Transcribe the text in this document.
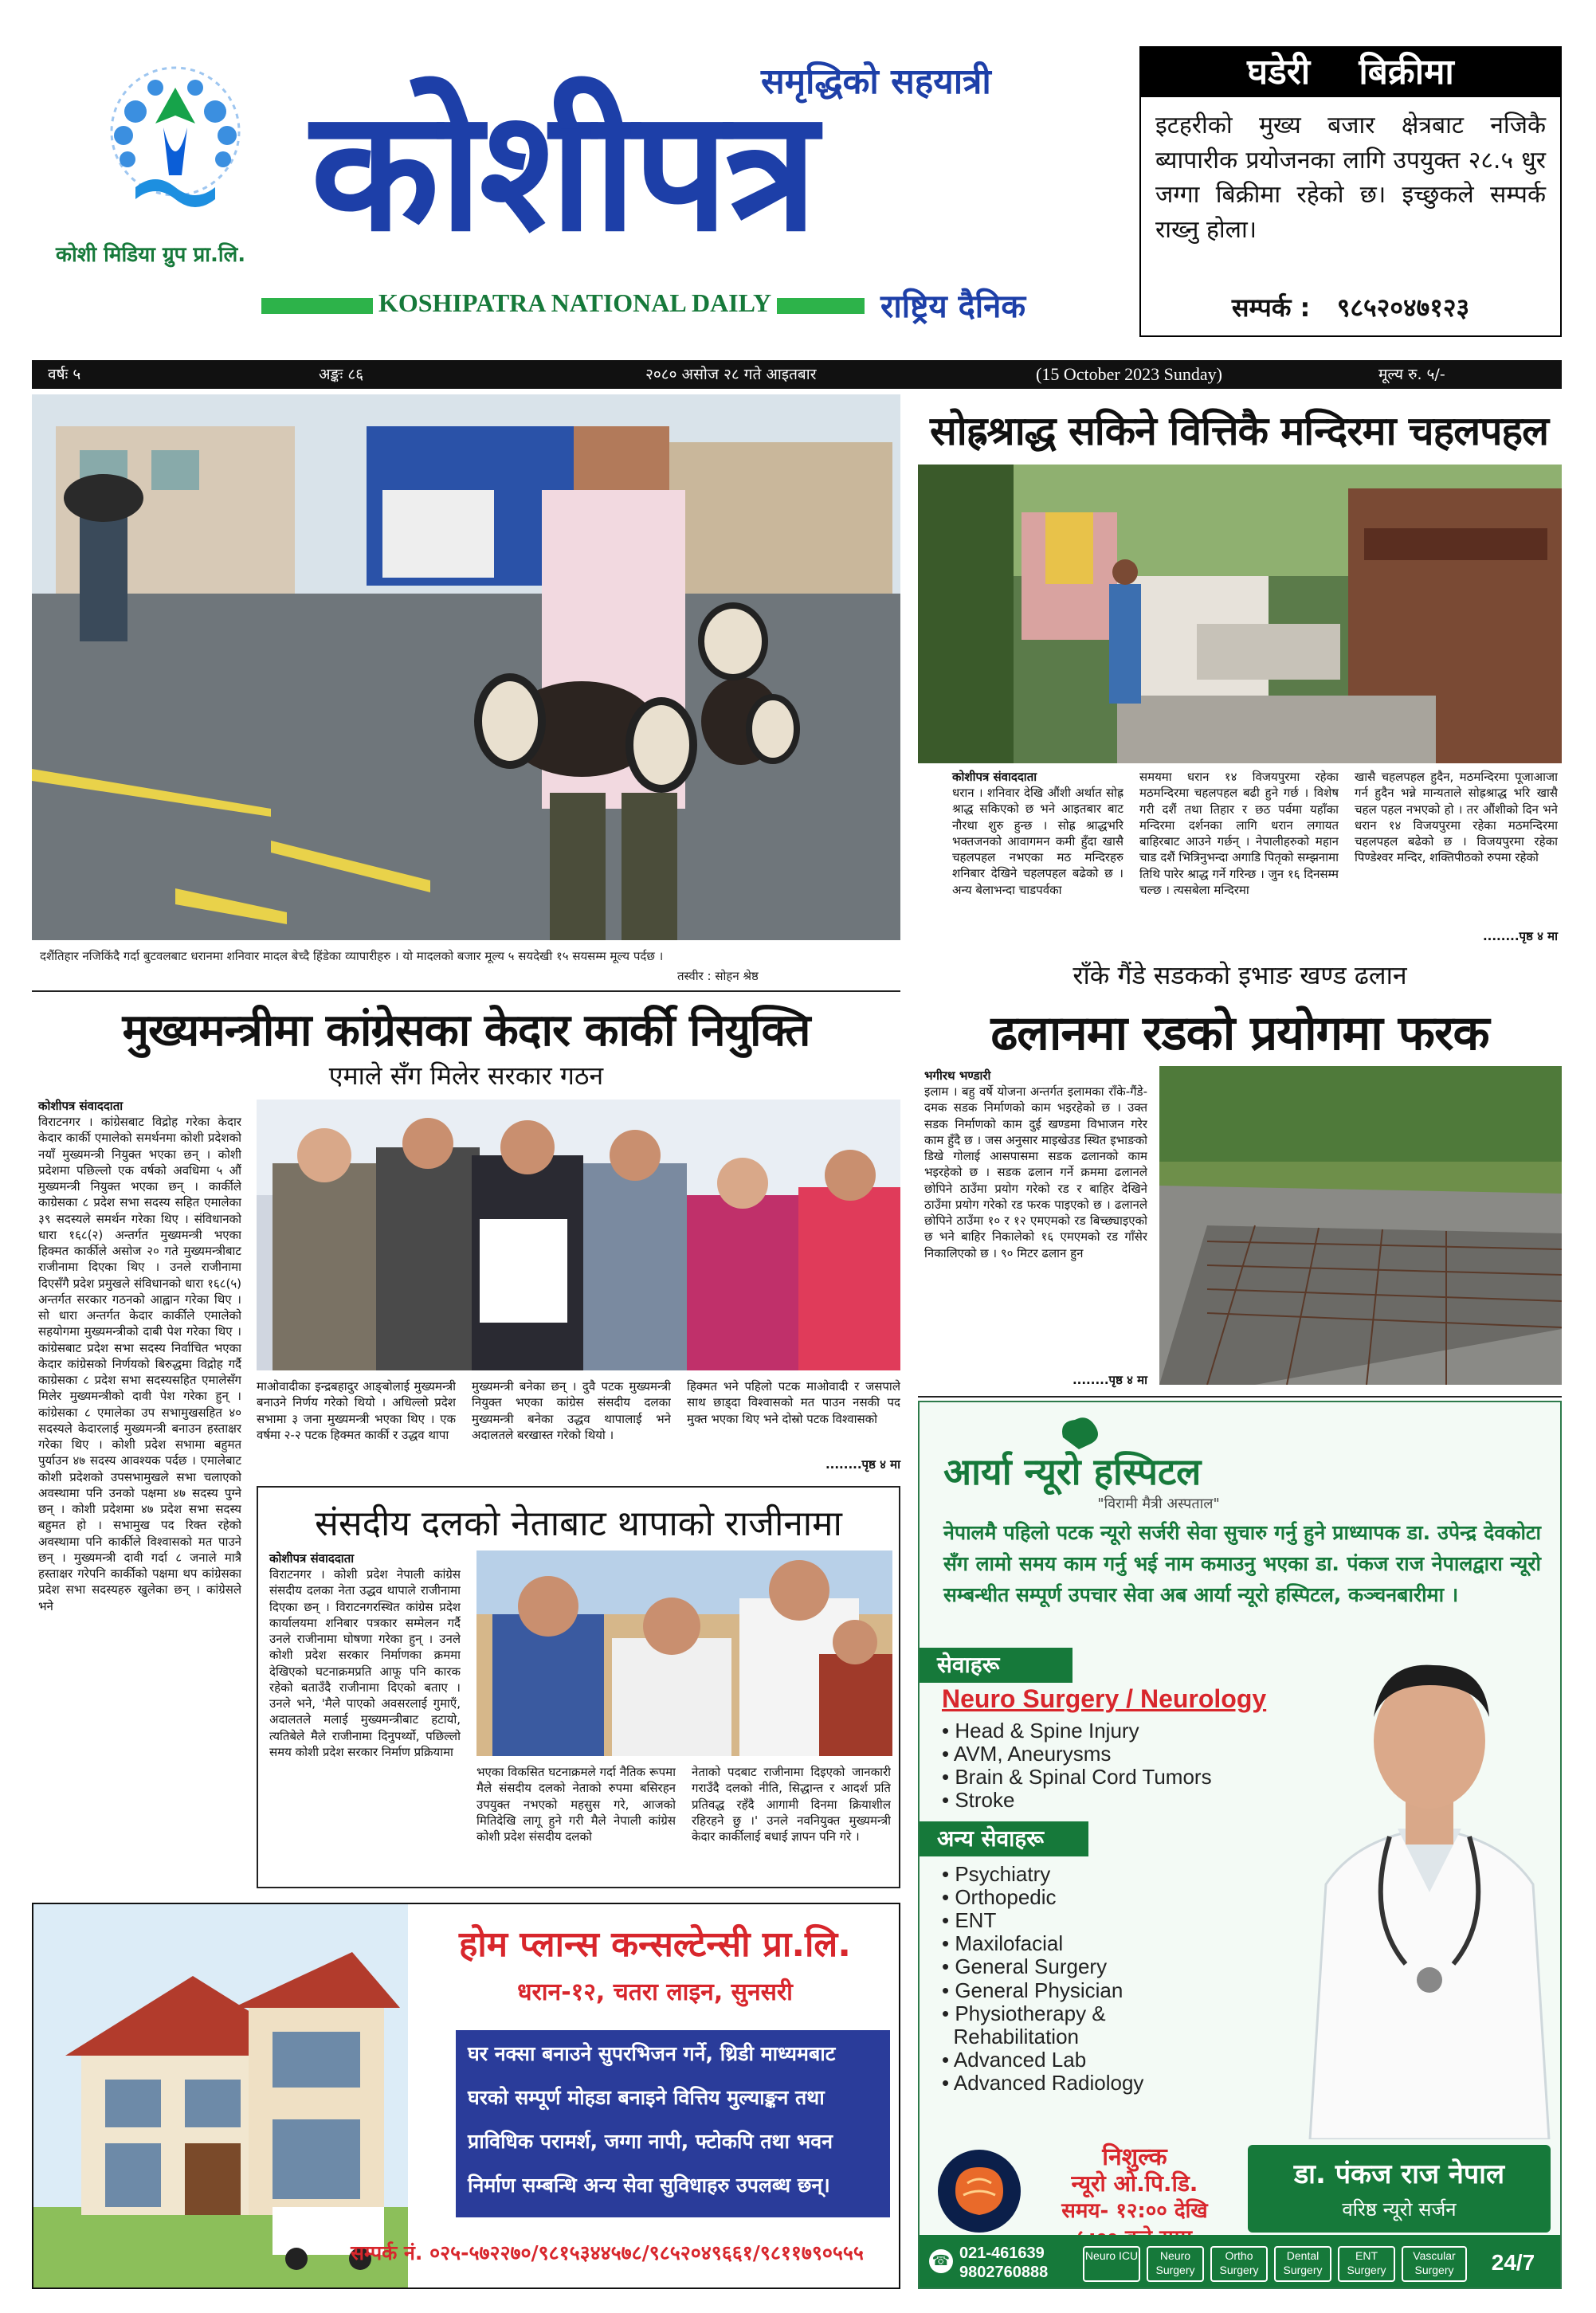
कोशी मिडिया ग्रुप प्रा.लि.
समृद्धिको सहयात्री
कोशीपत्र
KOSHIPATRA NATIONAL DAILY	राष्ट्रिय दैनिक
घडेरी    बिक्रीमा
इटहरीको मुख्य बजार क्षेत्रबाट नजिकै ब्यापारीक प्रयोजनका लागि उपयुक्त २८.५ धुर जग्गा बिक्रीमा रहेको छ। इच्छुकले सम्पर्क राख्नु होला।
सम्पर्क :   ९८५२०४७१२३
वर्षः ५	अङ्कः ८६	२०८० असोज २८ गते आइतबार	(15 October 2023 Sunday)	मूल्य रु. ५/-
दशैंतिहार नजिकिंदै गर्दा बुटवलबाट धरानमा शनिवार मादल बेच्दै हिंडेका व्यापारीहरु । यो मादलको बजार मूल्य ५ सयदेखी १५ सयसम्म मूल्य पर्दछ ।
तस्वीर : सोहन श्रेष्ठ
सोह्रश्राद्ध सकिने वित्तिकै मन्दिरमा चहलपहल
कोशीपत्र संवाददाता
धरान । शनिवार देखि औंशी अर्थात सोह्र श्राद्ध सकिएको छ भने आइतबार बाट नौरथा शुरु हुन्छ । सोह्र श्राद्धभरि भक्तजनको आवागमन कमी हुँदा खासै चहलपहल नभएका मठ मन्दिरहरु शनिबार देखिने चहलपहल बढेको छ । अन्य बेलाभन्दा चाडपर्वका
समयमा धरान १४ विजयपुरमा रहेका मठमन्दिरमा चहलपहल बढी हुने गर्छ । विशेष गरी दशैं तथा तिहार र छठ पर्वमा यहाँका मन्दिरमा दर्शनका लागि धरान लगायत बाहिरबाट आउने गर्छन् । नेपालीहरुको महान चाड दशैं भित्रिनुभन्दा अगाडि पितृको सम्झनामा तिथि पारेर श्राद्ध गर्ने गरिन्छ । जुन १६ दिनसम्म चल्छ । त्यसबेला मन्दिरमा
खासै चहलपहल हुदैन, मठमन्दिरमा पूजाआजा गर्न हुदैन भन्ने मान्यताले सोह्रश्राद्ध भरि खासै चहल पहल नभएको हो । तर औंशीको दिन भने धरान १४ विजयपुरमा रहेका मठमन्दिरमा चहलपहल बढेको छ । विजयपुरमा रहेका पिण्डेश्वर मन्दिर, शक्तिपीठको रुपमा रहेको
........पृष्ठ ४ मा
मुख्यमन्त्रीमा कांग्रेसका केदार कार्की नियुक्ति
एमाले सँग मिलेर सरकार गठन
कोशीपत्र संवाददाता
विराटनगर । कांग्रेसबाट विद्रोह गरेका केदार केदार कार्की एमालेको समर्थनमा कोशी प्रदेशको नयाँ मुख्यमन्त्री नियुक्त भएका छन् । कोशी प्रदेशमा पछिल्लो एक वर्षको अवधिमा ५ औं मुख्यमन्त्री नियुक्त भएका छन् । कार्कीले काग्रेसका ८ प्रदेश सभा सदस्य सहित एमालेका ३९ सदस्यले समर्थन गरेका थिए । संविधानको धारा १६८(२) अन्तर्गत मुख्यमन्त्री भएका हिक्मत कार्कीले असोज २० गते मुख्यमन्त्रीबाट राजीनामा दिएका थिए । उनले राजीनामा दिएसँगै प्रदेश प्रमुखले संविधानको धारा १६८(५) अन्तर्गत सरकार गठनको आह्वान गरेका थिए । सो धारा अन्तर्गत केदार कार्कीले एमालेको सहयोगमा मुख्यमन्त्रीको दाबी पेश गरेका थिए । कांग्रेसबाट प्रदेश सभा सदस्य निर्वाचित भएका केदार कांग्रेसको निर्णयको बिरुद्धमा विद्रोह गर्दै काग्रेसका ८ प्रदेश सभा सदस्यसहित एमालेसँग मिलेर मुख्यमन्त्रीको दावी पेश गरेका हुन् । कांग्रेसका ८ एमालेका उप सभामुखसहित ४० सदस्यले केदारलाई मुख्यमन्त्री बनाउन हस्ताक्षर गरेका थिए । कोशी प्रदेश सभामा बहुमत पुर्याउन ४७ सदस्य आवश्यक पर्दछ । एमालेबाट कोशी प्रदेशको उपसभामुखले सभा चलाएको अवस्थामा पनि उनको पक्षमा ४७ सदस्य पुग्ने छन् । कोशी प्रदेशमा ४७ प्रदेश सभा सदस्य बहुमत हो । सभामुख पद रिक्त रहेको अवस्थामा पनि कार्कीले विश्वासको मत पाउने छन् । मुख्यमन्त्री दावी गर्दा ८ जनाले मात्रै हस्ताक्षर गरेपनि कार्कीको पक्षमा थप कांग्रेसका प्रदेश सभा सदस्यहरु खुलेका छन् । कांग्रेसले भने
माओवादीका इन्द्रबहादुर आङ्बोलाई मुख्यमन्त्री बनाउने निर्णय गरेको थियो । अधिल्लो प्रदेश सभामा ३ जना मुख्यमन्त्री भएका थिए । एक वर्षमा २-२ पटक हिक्मत कार्की र उद्धव थापा
मुख्यमन्त्री बनेका छन् । दुवै पटक मुख्यमन्त्री नियुक्त भएका कांग्रेस संसदीय दलका मुख्यमन्त्री बनेका उद्धव थापालाई भने अदालतले बरखास्त गरेको थियो ।
हिक्मत भने पहिलो पटक माओवादी र जसपाले साथ छाड्दा विश्वासको मत पाउन नसकी पद मुक्त भएका थिए भने दोस्रो पटक विश्वासको
........पृष्ठ ४ मा
संसदीय दलको नेताबाट थापाको राजीनामा
कोशीपत्र संवाददाता
विराटनगर । कोशी प्रदेश नेपाली कांग्रेस संसदीय दलका नेता उद्धव थापाले राजीनामा दिएका छन् । विराटनगरस्थित कांग्रेस प्रदेश कार्यालयमा शनिबार पत्रकार सम्मेलन गर्दै उनले राजीनामा घोषणा गरेका हुन् । उनले कोशी प्रदेश सरकार निर्माणका क्रममा देखिएको घटनाक्रमप्रति आफू पनि कारक रहेको बताउँदै राजीनामा दिएको बताए । उनले भने, 'मैले पाएको अवसरलाई गुमाएँ, अदालतले मलाई मुख्यमन्त्रीबाट हटायो, त्यतिबेले मैले राजीनामा दिनुपर्थ्यो, पछिल्लो समय कोशी प्रदेश सरकार निर्माण प्रक्रियामा
भएका विकसित घटनाक्रमले गर्दा नैतिक रूपमा मैले संसदीय दलको नेताको रुपमा बसिरहन उपयुक्त नभएको महसुस गरे, आजको मितिदेखि लागू हुने गरी मैले नेपाली कांग्रेस कोशी प्रदेश संसदीय दलको
नेताको पदबाट राजीनामा दिइएको जानकारी गराउँदै दलको नीति, सिद्धान्त र आदर्श प्रति प्रतिवद्ध रहँदै आगामी दिनमा क्रियाशील रहिरहने छु ।' उनले नवनियुक्त मुख्यमन्त्री केदार कार्कीलाई बधाई ज्ञापन पनि गरे ।
राँके गैंडे सडकको इभाङ खण्ड ढलान
ढलानमा रडको प्रयोगमा फरक
भगीरथ भण्डारी
इलाम । बहु वर्षे योजना अन्तर्गत इलामका राँके-गैंडे-दमक सडक निर्माणको काम भइरहेको छ । उक्त सडक निर्माणको काम दुई खण्डमा विभाजन गरेर काम हुँदै छ । जस अनुसार माइखेउड स्थित इभाङको डिखे गोलाई आसपासमा सडक ढलानको काम भइरहेको छ । सडक ढलान गर्ने क्रममा ढलानले छोपिने ठाउँमा प्रयोग गरेको रड र बाहिर देखिने ठाउँमा प्रयोग गरेको रड फरक पाइएको छ । ढलानले छोपिने ठाउँमा १० र १२ एमएमको रड बिच्छ्याइएको छ भने बाहिर निकालेको १६ एमएमको रड गाँसेर निकालिएको छ । ९० मिटर ढलान हुन
........पृष्ठ ४ मा
आर्या न्यूरो हस्पिटल
"विरामी मैत्री अस्पताल"
नेपालमै पहिलो पटक न्यूरो सर्जरी सेवा सुचारु गर्नु हुने प्राध्यापक डा. उपेन्द्र देवकोटा सँग लामो समय काम गर्नु भई नाम कमाउनु भएका डा. पंकज राज नेपालद्वारा न्यूरो सम्बन्धीत सम्पूर्ण उपचार सेवा अब आर्या न्यूरो हस्पिटल, कञ्चनबारीमा ।
सेवाहरू
Neuro Surgery / Neurology
• Head & Spine Injury
• AVM, Aneurysms
• Brain & Spinal Cord Tumors
• Stroke
अन्य सेवाहरू
• Psychiatry
• Orthopedic
• ENT
• Maxilofacial
• General Surgery
• General Physician
• Physiotherapy &
Rehabilitation
• Advanced Lab
• Advanced Radiology
निशुल्क
न्यूरो ओ.पि.डि.
समय- १२:०० देखि
डा. पंकज राज नेपाल
वरिष्ठ न्यूरो सर्जन
☎ 021-461639
9802760888
Neuro ICU	Neuro Surgery
Ortho Surgery
Dental Surgery
ENT Surgery
Vascular Surgery	24/7
होम प्लान्स कन्सल्टेन्सी प्रा.लि.
धरान-१२, चतरा लाइन, सुनसरी
घर नक्सा बनाउने सुपरभिजन गर्ने, थ्रिडी माध्यमबाट
घरको सम्पूर्ण मोहडा बनाइने वित्तिय मुल्याङ्कन तथा
प्राविधिक परामर्श, जग्गा नापी, फ्टोकपि तथा भवन
निर्माण सम्बन्धि अन्य सेवा सुविधाहरु उपलब्ध छन्।
सम्पर्क नं. ०२५-५७२२७०/९८१५३४४५७८/९८५२०४९६६१/९८११७९०५५५
